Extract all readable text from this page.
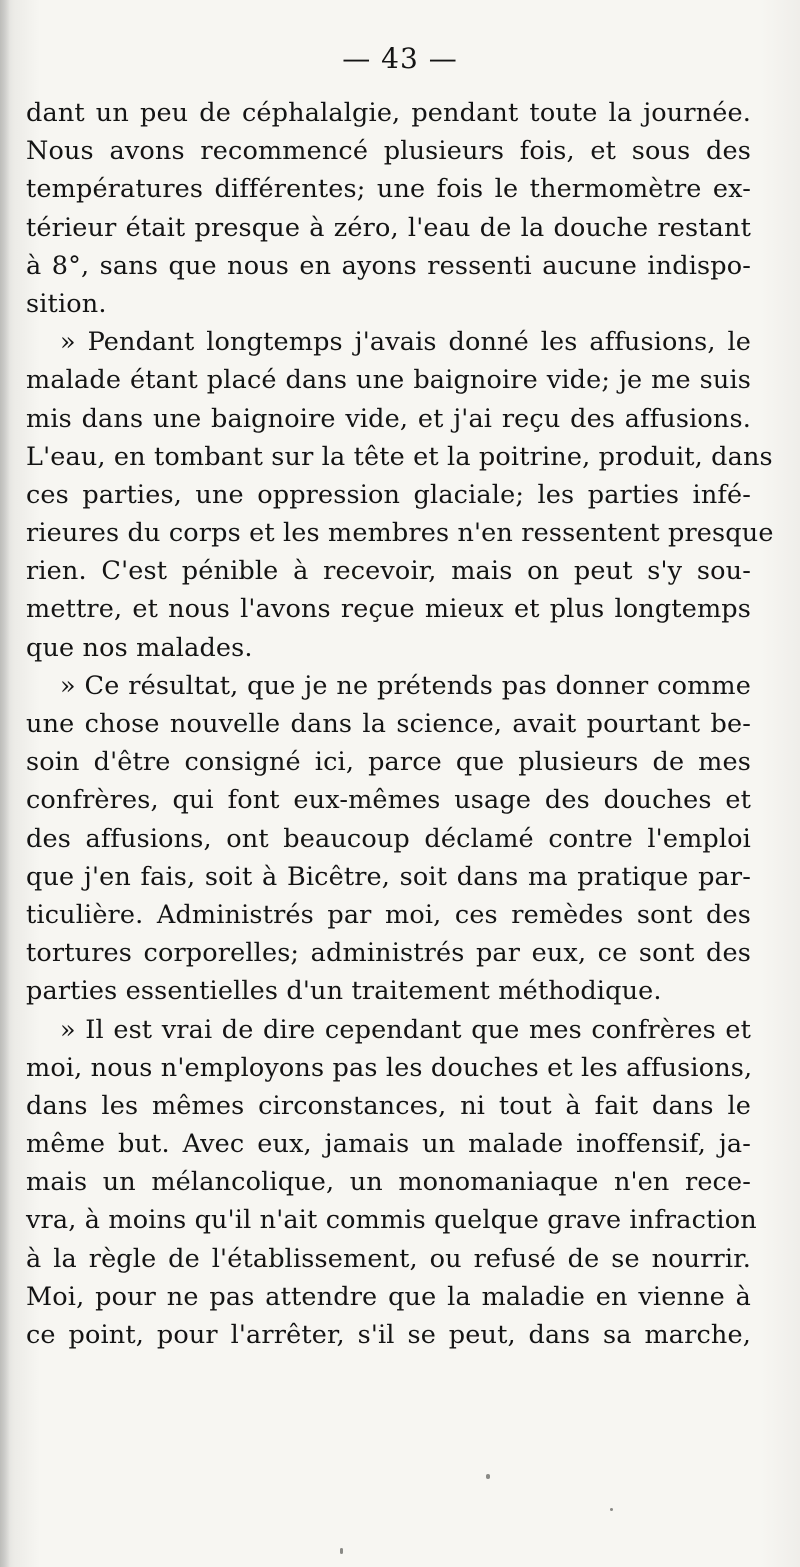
— 43 —
dant un peu de céphalalgie, pendant toute la journée.
Nous avons recommencé plusieurs fois, et sous des
températures différentes; une fois le thermomètre ex-
térieur était presque à zéro, l'eau de la douche restant
à 8°, sans que nous en ayons ressenti aucune indispo-
sition.
» Pendant longtemps j'avais donné les affusions, le
malade étant placé dans une baignoire vide; je me suis
mis dans une baignoire vide, et j'ai reçu des affusions.
L'eau, en tombant sur la tête et la poitrine, produit, dans
ces parties, une oppression glaciale; les parties infé-
rieures du corps et les membres n'en ressentent presque
rien. C'est pénible à recevoir, mais on peut s'y sou-
mettre, et nous l'avons reçue mieux et plus longtemps
que nos malades.
» Ce résultat, que je ne prétends pas donner comme
une chose nouvelle dans la science, avait pourtant be-
soin d'être consigné ici, parce que plusieurs de mes
confrères, qui font eux-mêmes usage des douches et
des affusions, ont beaucoup déclamé contre l'emploi
que j'en fais, soit à Bicêtre, soit dans ma pratique par-
ticulière. Administrés par moi, ces remèdes sont des
tortures corporelles; administrés par eux, ce sont des
parties essentielles d'un traitement méthodique.
» Il est vrai de dire cependant que mes confrères et
moi, nous n'employons pas les douches et les affusions,
dans les mêmes circonstances, ni tout à fait dans le
même but. Avec eux, jamais un malade inoffensif, ja-
mais un mélancolique, un monomaniaque n'en rece-
vra, à moins qu'il n'ait commis quelque grave infraction
à la règle de l'établissement, ou refusé de se nourrir.
Moi, pour ne pas attendre que la maladie en vienne à
ce point, pour l'arrêter, s'il se peut, dans sa marche,
